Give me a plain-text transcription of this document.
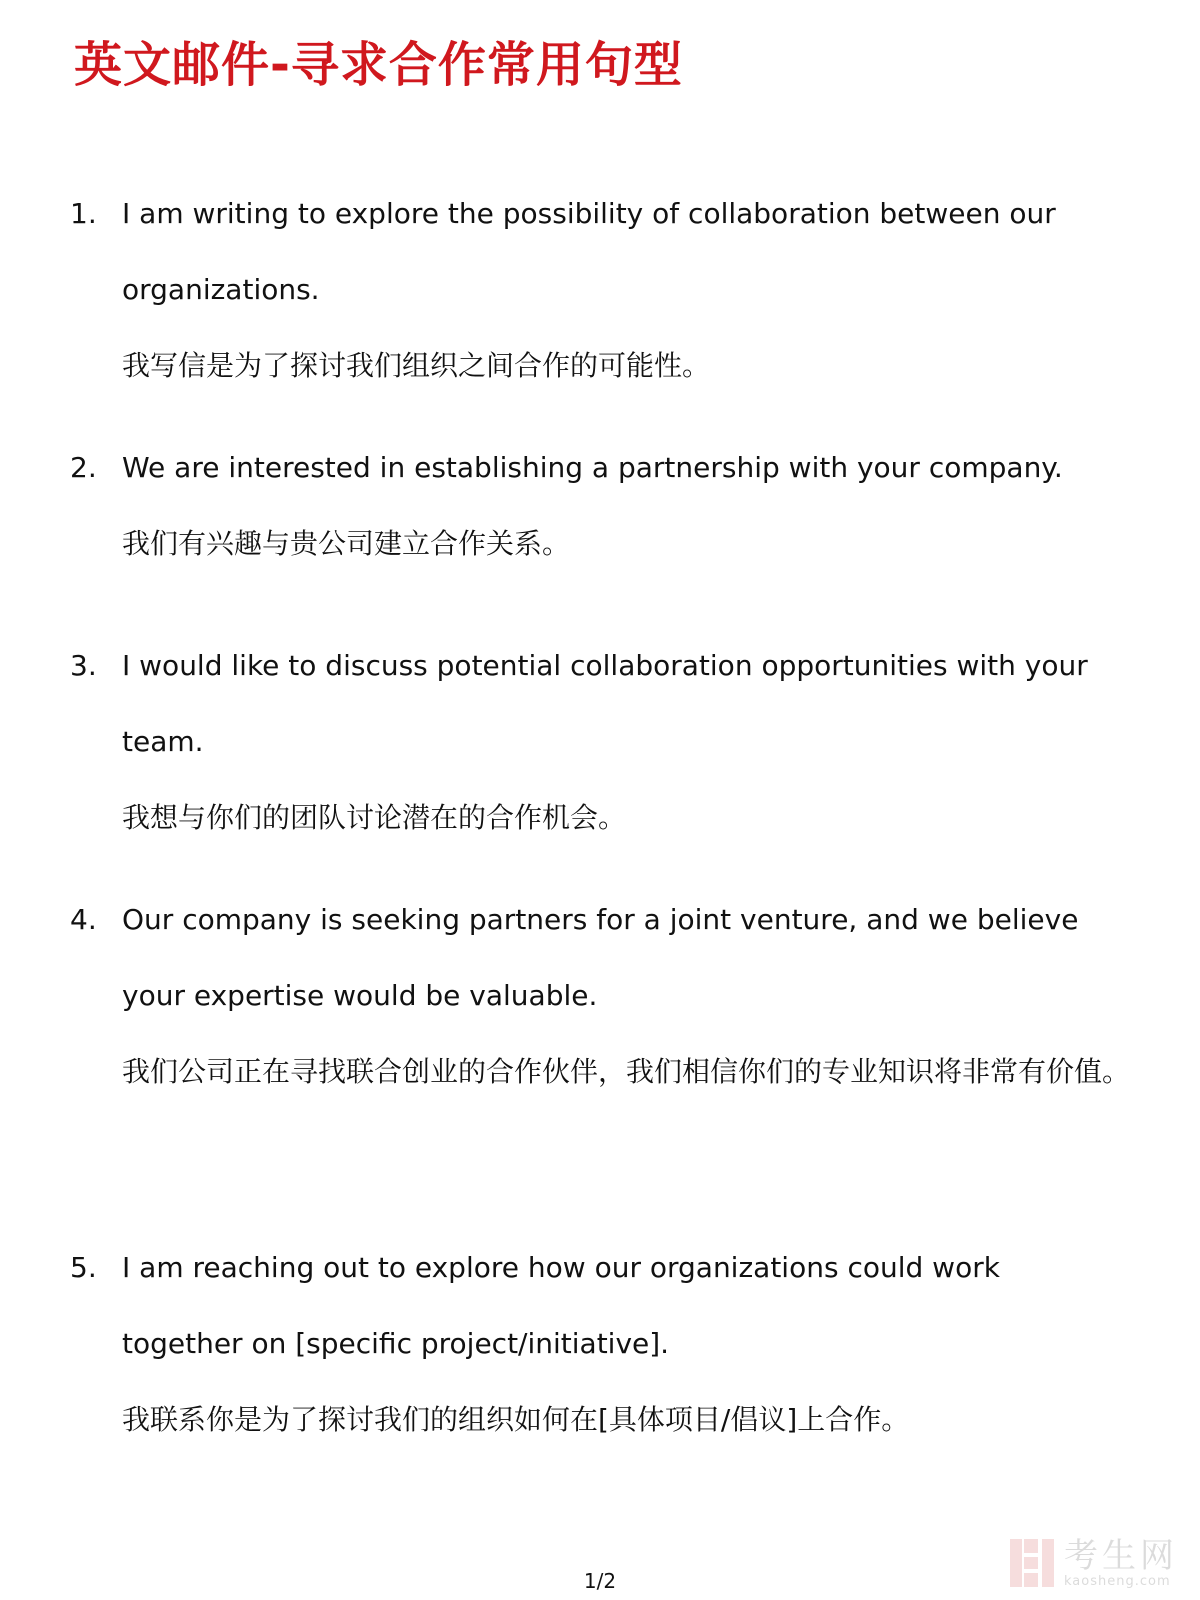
英文邮件-寻求合作常用句型
1. I am writing to explore the possibility of collaboration between our organizations.

我写信是为了探讨我们组织之间合作的可能性。

2. We are interested in establishing a partnership with your company.

我们有兴趣与贵公司建立合作关系。

3. I would like to discuss potential collaboration opportunities with your team.

我想与你们的团队讨论潜在的合作机会。

4. Our company is seeking partners for a joint venture, and we believe your expertise would be valuable.

我们公司正在寻找联合创业的合作伙伴，我们相信你们的专业知识将非常有价值。

5. I am reaching out to explore how our organizations could work together on [specific project/initiative].

我联系你是为了探讨我们的组织如何在[具体项目/倡议]上合作。

1/2
考生网
kaosheng.com
